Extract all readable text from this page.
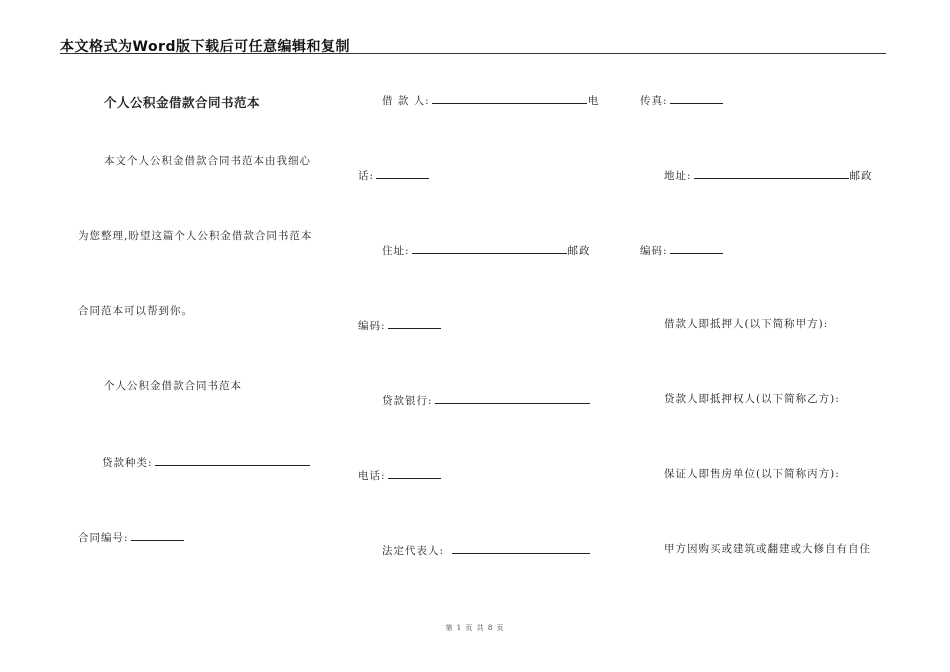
本文格式为Word版下载后可任意编辑和复制
个人公积金借款合同书范本
本文个人公积金借款合同书范本由我细心
为您整理,盼望这篇个人公积金借款合同书范本
合同范本可以帮到你。
个人公积金借款合同书范本
贷款种类:
合同编号:
借 款 人:	电
话:
住址:	邮政
编码:
贷款银行:
电话:
法定代表人:
传真:
地址:	邮政
编码:
借款人即抵押人(以下简称甲方):
贷款人即抵押权人(以下简称乙方):
保证人即售房单位(以下简称丙方):
甲方因购买或建筑或翻建或大修自有自住
第 1 页 共 8 页
